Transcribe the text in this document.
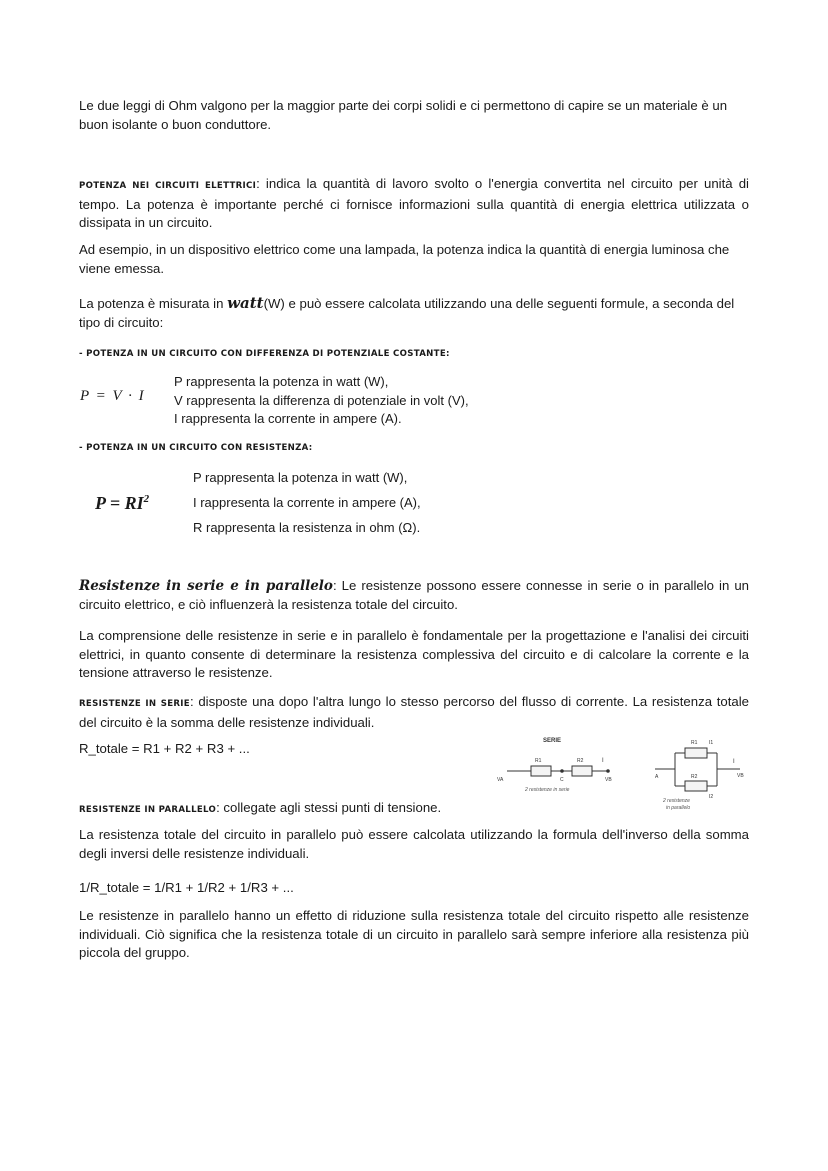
Le due leggi di Ohm valgono per la maggior parte dei corpi solidi e ci permettono di capire se un materiale è un buon isolante o buon conduttore.

POTENZA NEI CIRCUITI ELETTRICI: indica la quantità di lavoro svolto o l'energia convertita nel circuito per unità di tempo. La potenza è importante perché ci fornisce informazioni sulla quantità di energia elettrica utilizzata o dissipata in un circuito.

Ad esempio, in un dispositivo elettrico come una lampada, la potenza indica la quantità di energia luminosa che viene emessa.

La potenza è misurata in watt(W) e può essere calcolata utilizzando una delle seguenti formule, a seconda del tipo di circuito:

- POTENZA IN UN CIRCUITO CON DIFFERENZA DI POTENZIALE COSTANTE:
P = V · I
P rappresenta la potenza in watt (W),
V rappresenta la differenza di potenziale in volt (V),
I rappresenta la corrente in ampere (A).
- POTENZA IN UN CIRCUITO CON RESISTENZA:
$P = RI^2$
P rappresenta la potenza in watt (W),
I rappresenta la corrente in ampere (A),
R rappresenta la resistenza in ohm (Ω).

Resistenze in serie e in parallelo: Le resistenze possono essere connesse in serie o in parallelo in un circuito elettrico, e ciò influenzerà la resistenza totale del circuito.

La comprensione delle resistenze in serie e in parallelo è fondamentale per la progettazione e l'analisi dei circuiti elettrici, in quanto consente di determinare la resistenza complessiva del circuito e di calcolare la corrente e la tensione attraverso le resistenze.

RESISTENZE IN SERIE: disposte una dopo l'altra lungo lo stesso percorso del flusso di corrente. La resistenza totale del circuito è la somma delle resistenze individuali.

R_totale = R1 + R2 + R3 + ...	SERIE
R1	R2
C
I
VA	VB
2 resistenze in serie
R1
R2
I1
I2
I
A	VB
2 resistenze
in parallelo

RESISTENZE IN PARALLELO: collegate agli stessi punti di tensione.

La resistenza totale del circuito in parallelo può essere calcolata utilizzando la formula dell'inverso della somma degli inversi delle resistenze individuali.

1/R_totale = 1/R1 + 1/R2 + 1/R3 + ...

Le resistenze in parallelo hanno un effetto di riduzione sulla resistenza totale del circuito rispetto alle resistenze individuali. Ciò significa che la resistenza totale di un circuito in parallelo sarà sempre inferiore alla resistenza più piccola del gruppo.
